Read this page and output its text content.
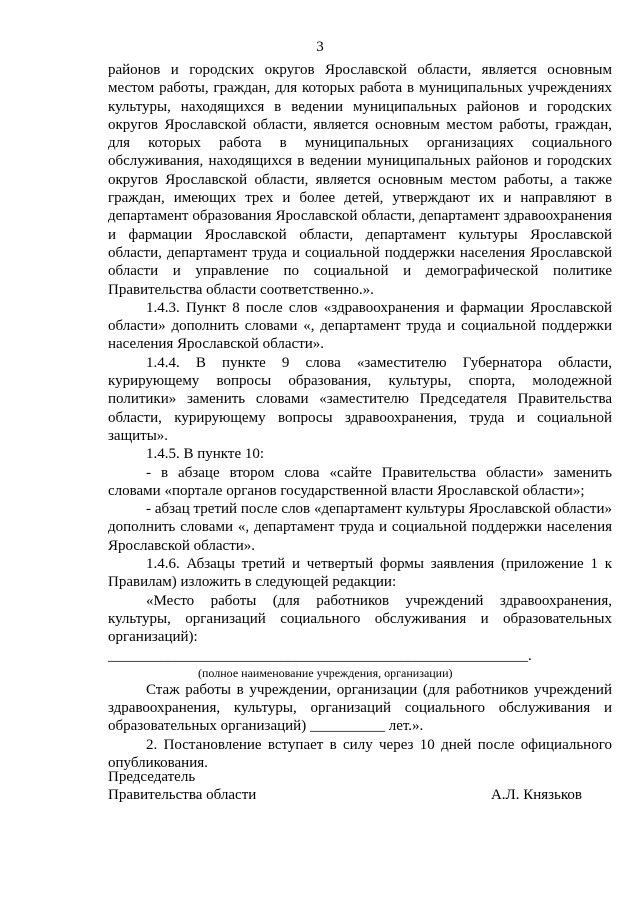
3

районов и городских округов Ярославской области, является основным местом работы, граждан, для которых работа в муниципальных учреждениях культуры, находящихся в ведении муниципальных районов и городских округов Ярославской области, является основным местом работы, граждан, для которых работа в муниципальных организациях социального обслуживания, находящихся в ведении муниципальных районов и городских округов Ярославской области, является основным местом работы, а также граждан, имеющих трех и более детей, утверждают их и направляют в департамент образования Ярославской области, департамент здравоохранения и фармации Ярославской области, департамент культуры Ярославской области, департамент труда и социальной поддержки населения Ярославской области и управление по социальной и демографической политике Правительства области соответственно.».

1.4.3. Пункт 8 после слов «здравоохранения и фармации Ярославской области» дополнить словами «, департамент труда и социальной поддержки населения Ярославской области».

1.4.4. В пункте 9 слова «заместителю Губернатора области, курирующему вопросы образования, культуры, спорта, молодежной политики» заменить словами «заместителю Председателя Правительства области, курирующему вопросы здравоохранения, труда и социальной защиты».

1.4.5. В пункте 10:

- в абзаце втором слова «сайте Правительства области» заменить словами «портале органов государственной власти Ярославской области»;

- абзац третий после слов «департамент культуры Ярославской области» дополнить словами «, департамент труда и социальной поддержки населения Ярославской области».

1.4.6. Абзацы третий и четвертый формы заявления (приложение 1 к Правилам) изложить в следующей редакции:

«Место работы (для работников учреждений здравоохранения, культуры, организаций социального обслуживания и образовательных организаций): ________________________________________________________.

(полное наименование учреждения, организации)

Стаж работы в учреждении, организации (для работников учреждений здравоохранения, культуры, организаций социального обслуживания и образовательных организаций) __________ лет.».

2. Постановление вступает в силу через 10 дней после официального опубликования.

Председатель
Правительства области	А.Л. Князьков
